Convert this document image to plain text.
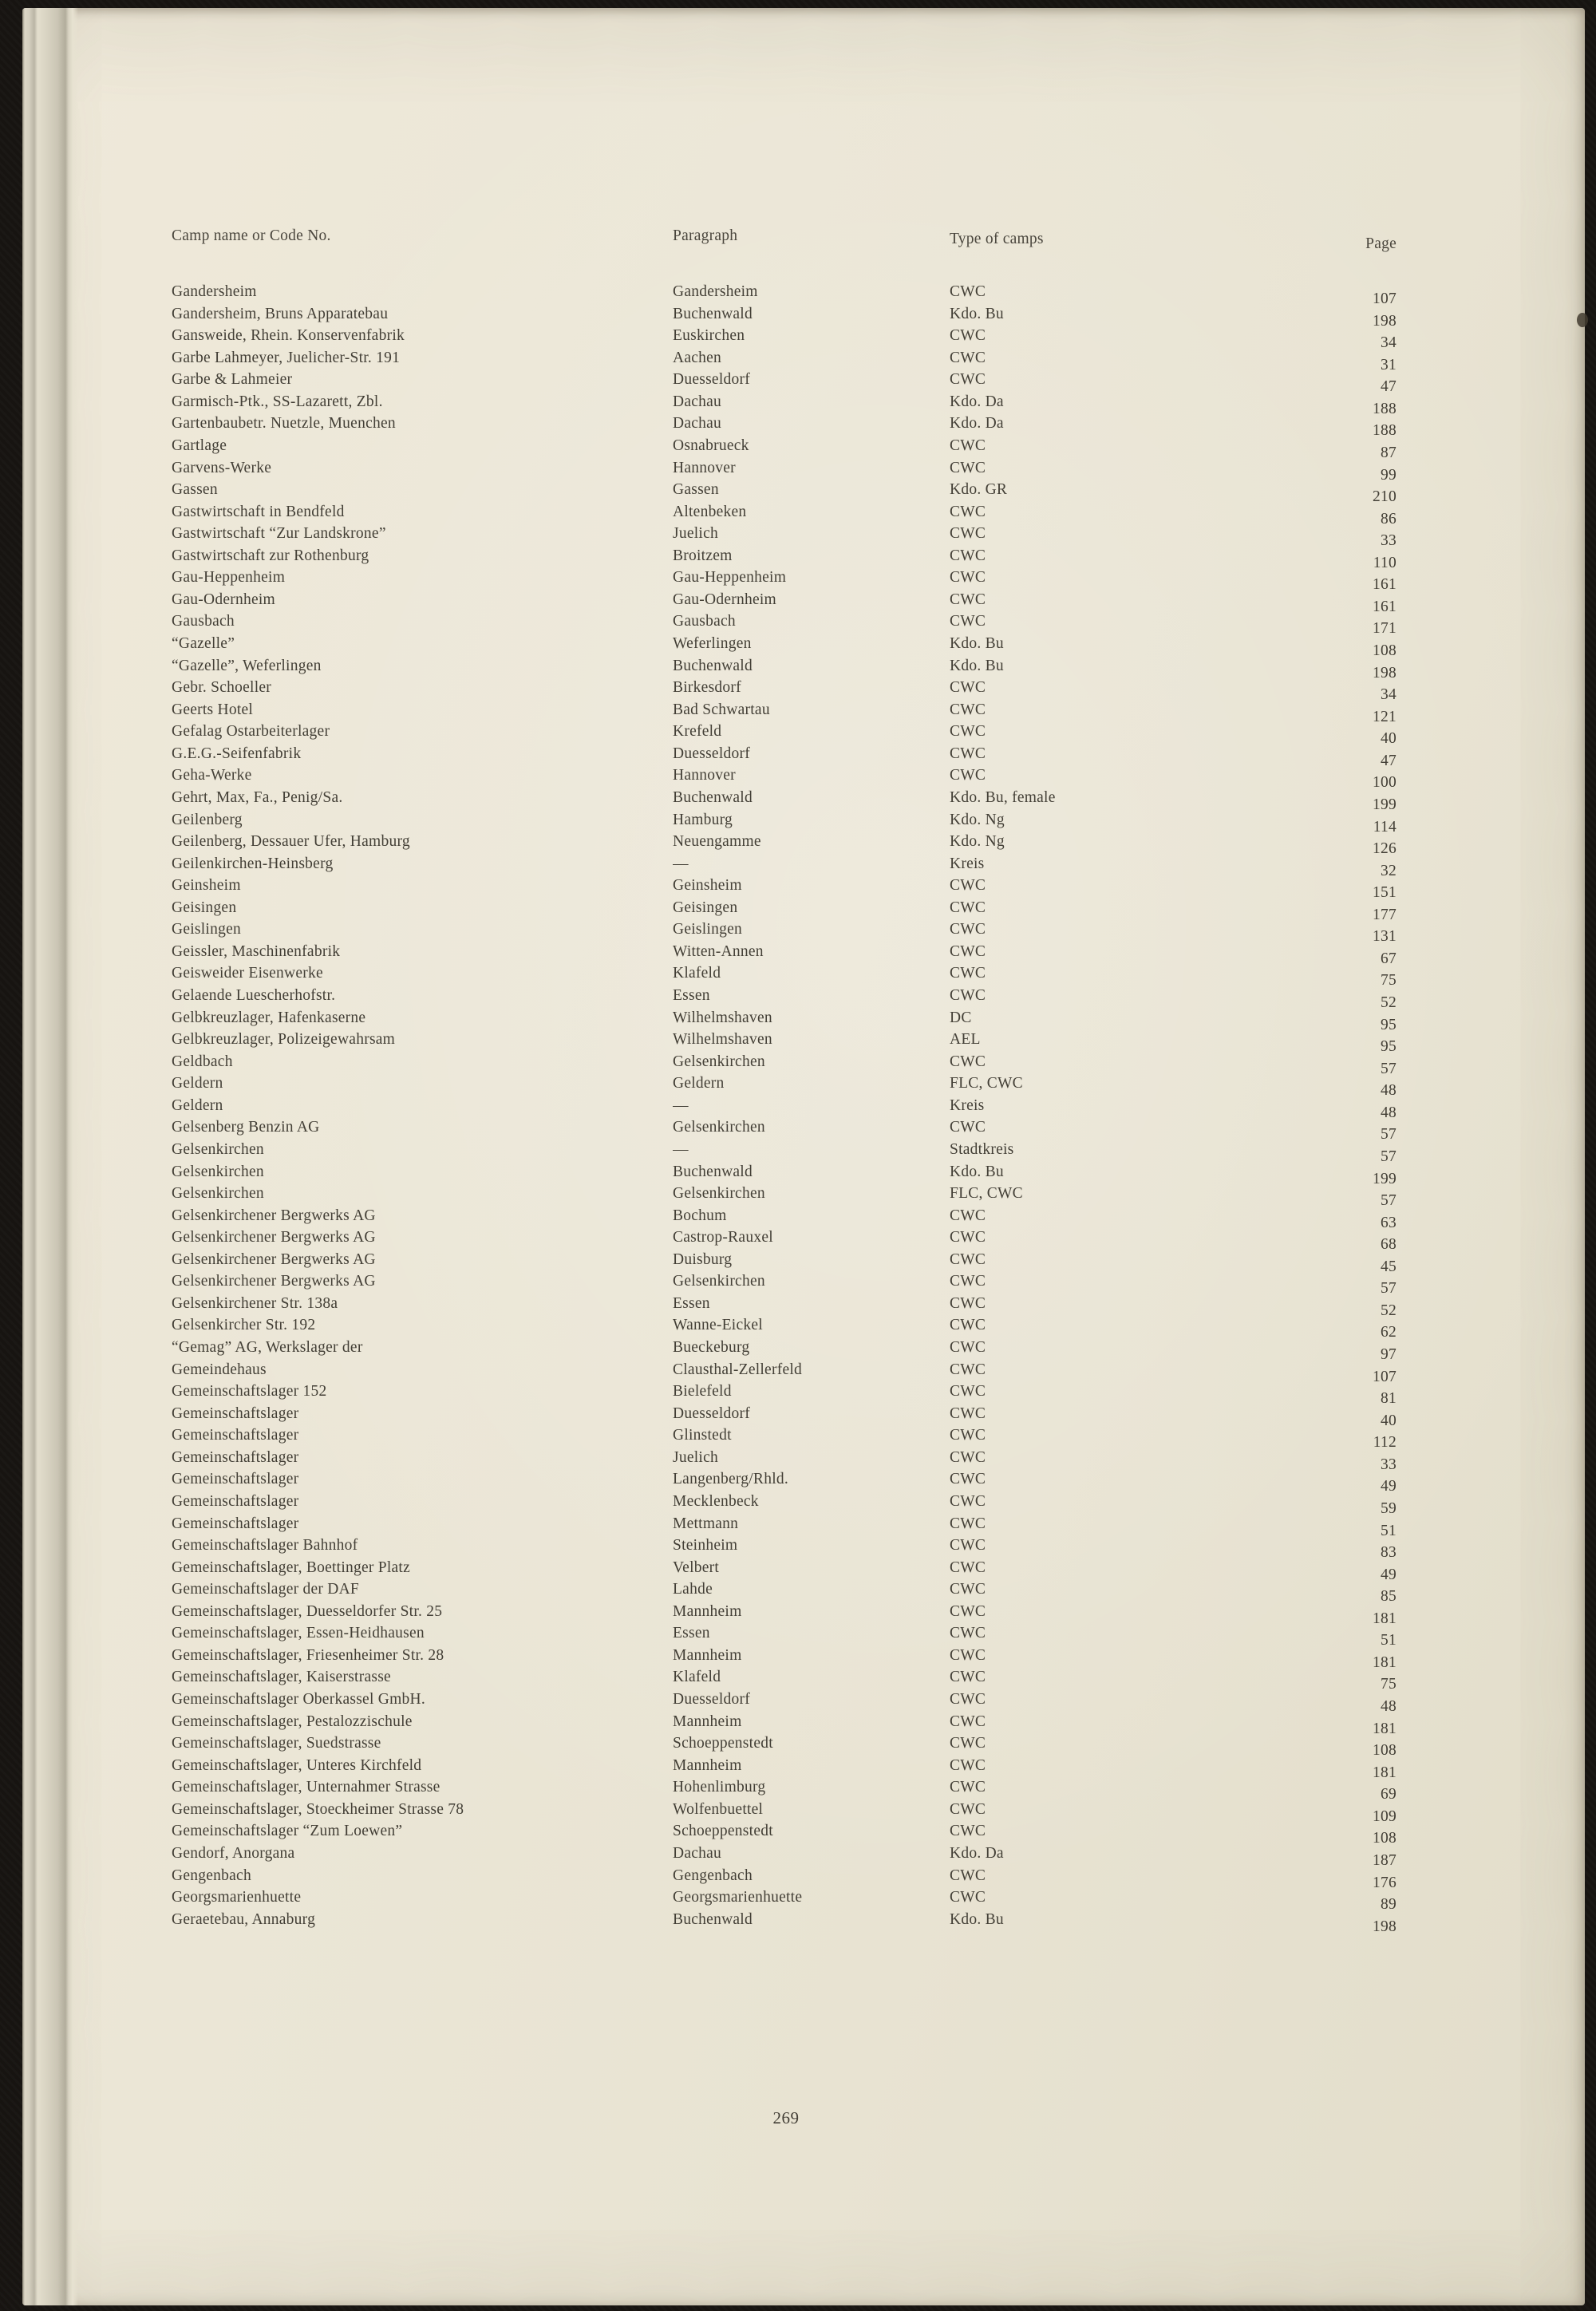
Camp name or Code No.	Paragraph	Type of camps	Page
Gandersheim	Gandersheim	CWC	107
Gandersheim, Bruns Apparatebau	Buchenwald	Kdo. Bu	198
Gansweide, Rhein. Konservenfabrik	Euskirchen	CWC	34
Garbe Lahmeyer, Juelicher-Str. 191	Aachen	CWC	31
Garbe & Lahmeier	Duesseldorf	CWC	47
Garmisch-Ptk., SS-Lazarett, Zbl.	Dachau	Kdo. Da	188
Gartenbaubetr. Nuetzle, Muenchen	Dachau	Kdo. Da	188
Gartlage	Osnabrueck	CWC	87
Garvens-Werke	Hannover	CWC	99
Gassen	Gassen	Kdo. GR	210
Gastwirtschaft in Bendfeld	Altenbeken	CWC	86
Gastwirtschaft “Zur Landskrone”	Juelich	CWC	33
Gastwirtschaft zur Rothenburg	Broitzem	CWC	110
Gau-Heppenheim	Gau-Heppenheim	CWC	161
Gau-Odernheim	Gau-Odernheim	CWC	161
Gausbach	Gausbach	CWC	171
“Gazelle”	Weferlingen	Kdo. Bu	108
“Gazelle”, Weferlingen	Buchenwald	Kdo. Bu	198
Gebr. Schoeller	Birkesdorf	CWC	34
Geerts Hotel	Bad Schwartau	CWC	121
Gefalag Ostarbeiterlager	Krefeld	CWC	40
G.E.G.-Seifenfabrik	Duesseldorf	CWC	47
Geha-Werke	Hannover	CWC	100
Gehrt, Max, Fa., Penig/Sa.	Buchenwald	Kdo. Bu, female	199
Geilenberg	Hamburg	Kdo. Ng	114
Geilenberg, Dessauer Ufer, Hamburg	Neuengamme	Kdo. Ng	126
Geilenkirchen-Heinsberg	—	Kreis	32
Geinsheim	Geinsheim	CWC	151
Geisingen	Geisingen	CWC	177
Geislingen	Geislingen	CWC	131
Geissler, Maschinenfabrik	Witten-Annen	CWC	67
Geisweider Eisenwerke	Klafeld	CWC	75
Gelaende Luescherhofstr.	Essen	CWC	52
Gelbkreuzlager, Hafenkaserne	Wilhelmshaven	DC	95
Gelbkreuzlager, Polizeigewahrsam	Wilhelmshaven	AEL	95
Geldbach	Gelsenkirchen	CWC	57
Geldern	Geldern	FLC, CWC	48
Geldern	—	Kreis	48
Gelsenberg Benzin AG	Gelsenkirchen	CWC	57
Gelsenkirchen	—	Stadtkreis	57
Gelsenkirchen	Buchenwald	Kdo. Bu	199
Gelsenkirchen	Gelsenkirchen	FLC, CWC	57
Gelsenkirchener Bergwerks AG	Bochum	CWC	63
Gelsenkirchener Bergwerks AG	Castrop-Rauxel	CWC	68
Gelsenkirchener Bergwerks AG	Duisburg	CWC	45
Gelsenkirchener Bergwerks AG	Gelsenkirchen	CWC	57
Gelsenkirchener Str. 138a	Essen	CWC	52
Gelsenkircher Str. 192	Wanne-Eickel	CWC	62
“Gemag” AG, Werkslager der	Bueckeburg	CWC	97
Gemeindehaus	Clausthal-Zellerfeld	CWC	107
Gemeinschaftslager 152	Bielefeld	CWC	81
Gemeinschaftslager	Duesseldorf	CWC	40
Gemeinschaftslager	Glinstedt	CWC	112
Gemeinschaftslager	Juelich	CWC	33
Gemeinschaftslager	Langenberg/Rhld.	CWC	49
Gemeinschaftslager	Mecklenbeck	CWC	59
Gemeinschaftslager	Mettmann	CWC	51
Gemeinschaftslager Bahnhof	Steinheim	CWC	83
Gemeinschaftslager, Boettinger Platz	Velbert	CWC	49
Gemeinschaftslager der DAF	Lahde	CWC	85
Gemeinschaftslager, Duesseldorfer Str. 25	Mannheim	CWC	181
Gemeinschaftslager, Essen-Heidhausen	Essen	CWC	51
Gemeinschaftslager, Friesenheimer Str. 28	Mannheim	CWC	181
Gemeinschaftslager, Kaiserstrasse	Klafeld	CWC	75
Gemeinschaftslager Oberkassel GmbH.	Duesseldorf	CWC	48
Gemeinschaftslager, Pestalozzischule	Mannheim	CWC	181
Gemeinschaftslager, Suedstrasse	Schoeppenstedt	CWC	108
Gemeinschaftslager, Unteres Kirchfeld	Mannheim	CWC	181
Gemeinschaftslager, Unternahmer Strasse	Hohenlimburg	CWC	69
Gemeinschaftslager, Stoeckheimer Strasse 78	Wolfenbuettel	CWC	109
Gemeinschaftslager “Zum Loewen”	Schoeppenstedt	CWC	108
Gendorf, Anorgana	Dachau	Kdo. Da	187
Gengenbach	Gengenbach	CWC	176
Georgsmarienhuette	Georgsmarienhuette	CWC	89
Geraetebau, Annaburg	Buchenwald	Kdo. Bu	198
269
